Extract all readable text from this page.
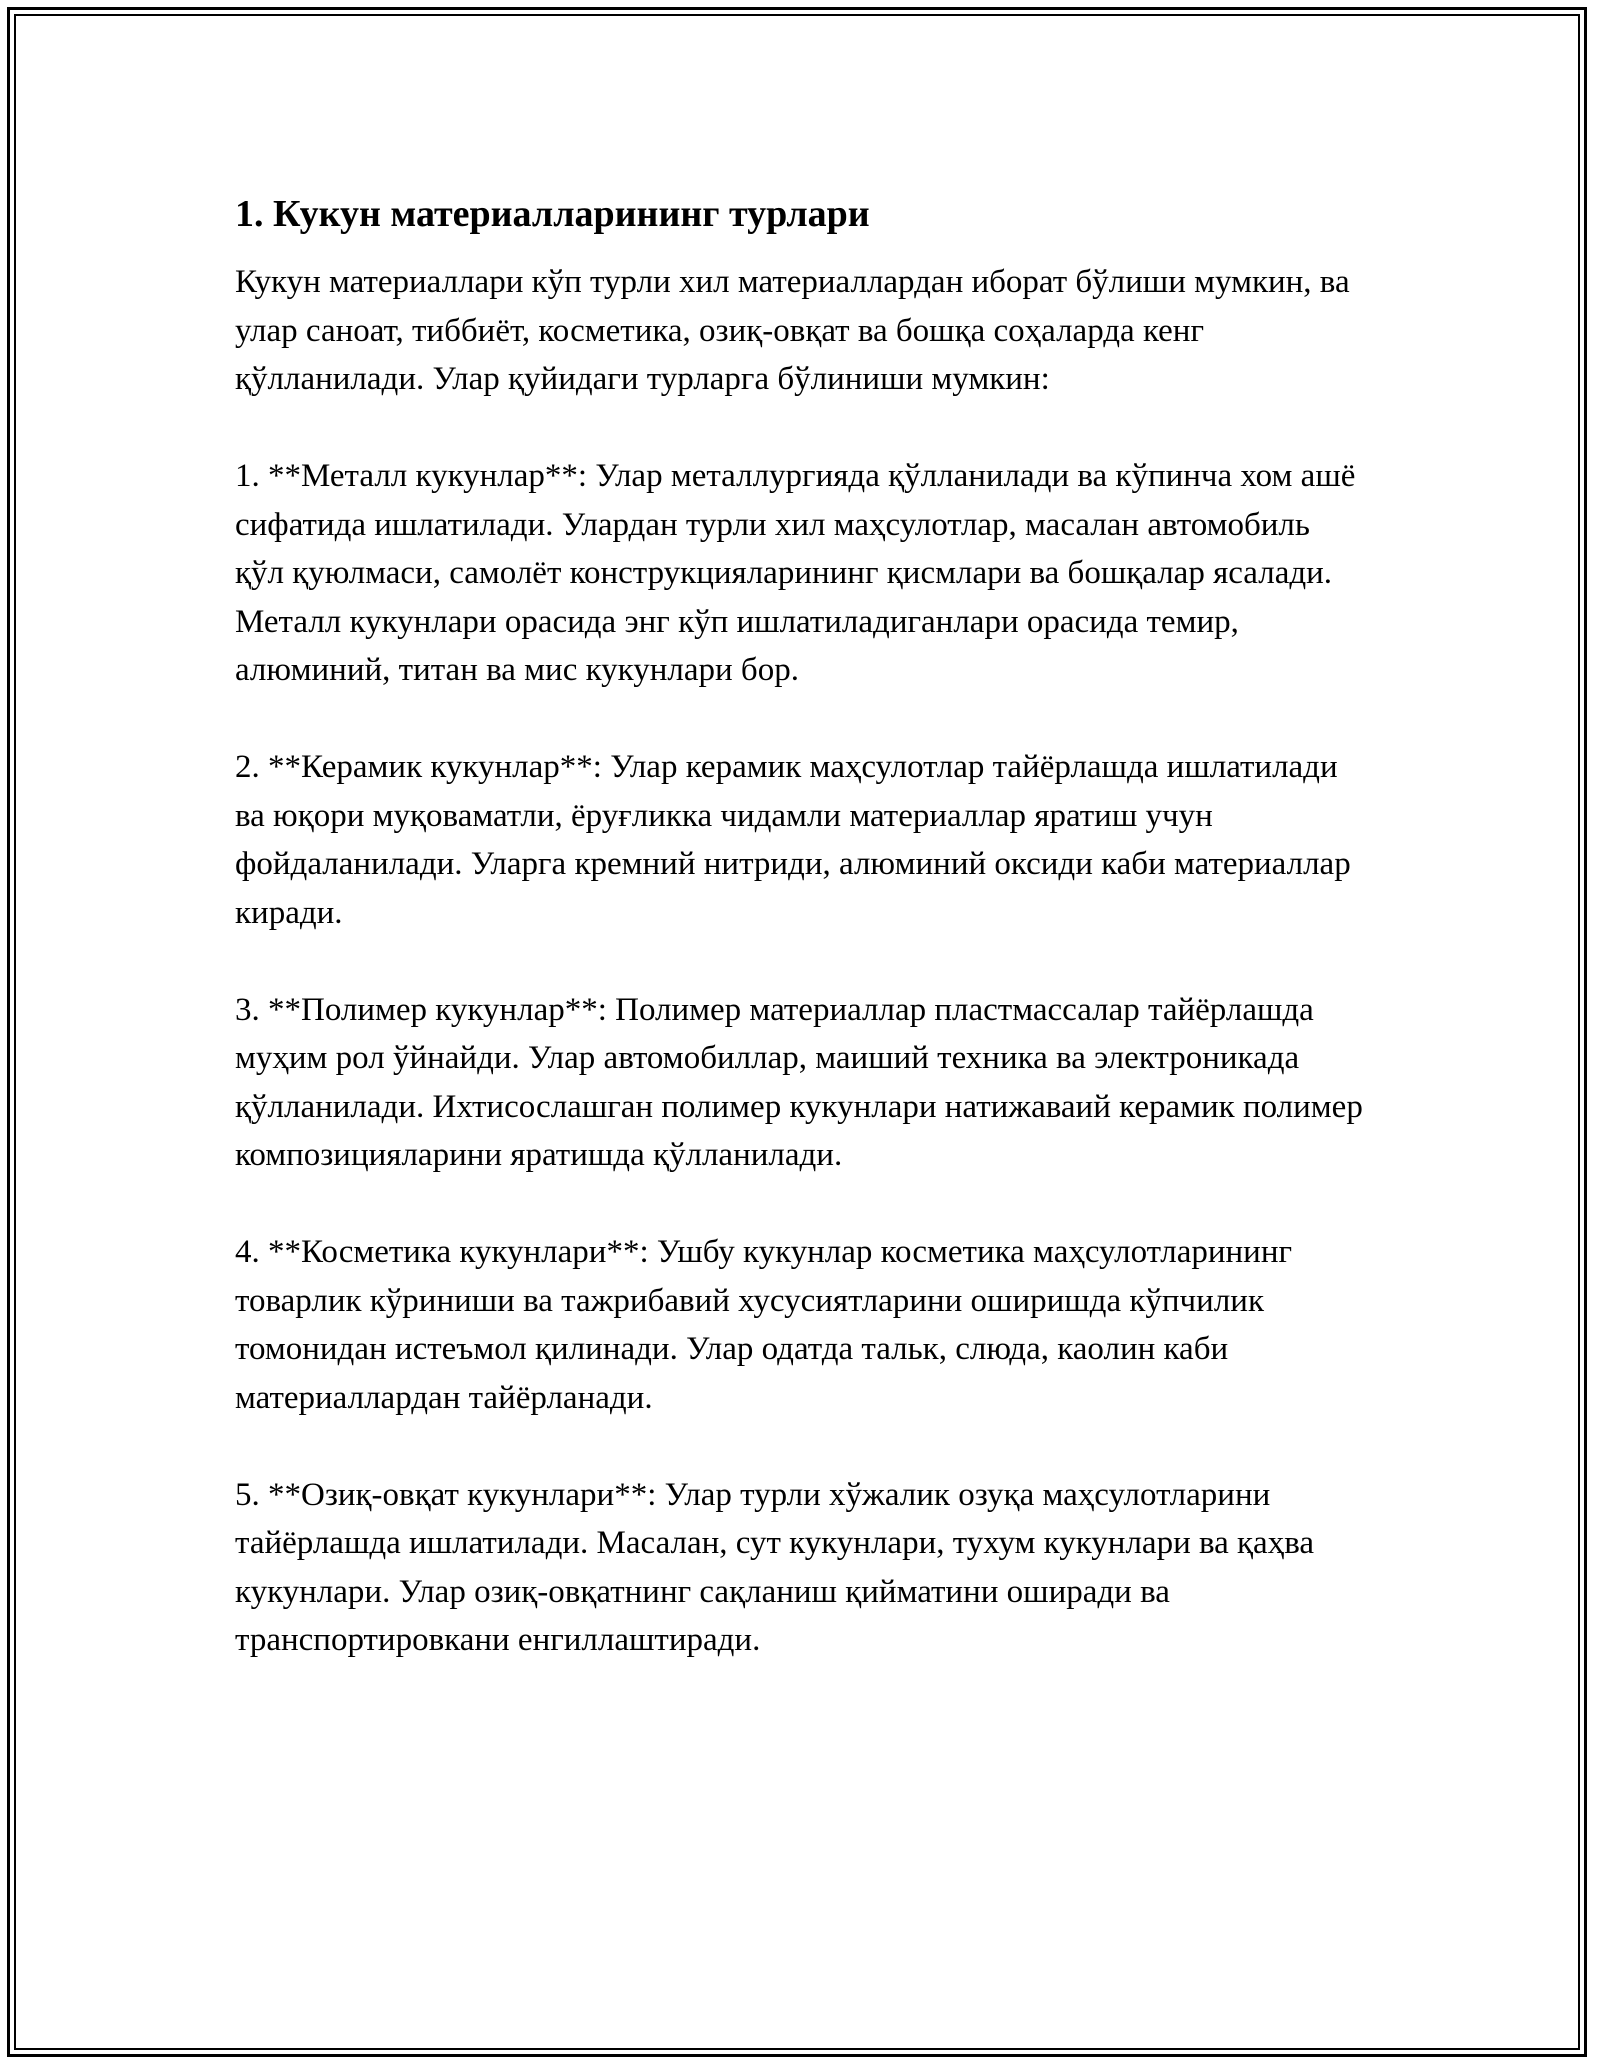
1. Кукун материалларининг турлари

Кукун материаллари кўп турли хил материаллардан иборат бўлиши мумкин, ва улар саноат, тиббиёт, косметика, озиқ-овқат ва бошқа соҳаларда кенг қўлланилади. Улар қуйидаги турларга бўлиниши мумкин:

1. **Металл кукунлар**: Улар металлургияда қўлланилади ва кўпинча хом ашё сифатида ишлатилади. Улардан турли хил маҳсулотлар, масалан автомобиль қўл қуюлмаси, самолёт конструкцияларининг қисмлари ва бошқалар ясалади. Металл кукунлари орасида энг кўп ишлатиладиганлари орасида темир, алюминий, титан ва мис кукунлари бор.

2. **Керамик кукунлар**: Улар керамик маҳсулотлар тайёрлашда ишлатилади ва юқори муқоваматли, ёруғликка чидамли материаллар яратиш учун фойдаланилади. Уларга кремний нитриди, алюминий оксиди каби материаллар киради.

3. **Полимер кукунлар**: Полимер материаллар пластмассалар тайёрлашда муҳим рол ўйнайди. Улар автомобиллар, маиший техника ва электроникада қўлланилади. Ихтисослашган полимер кукунлари натижаваий керамик полимер композицияларини яратишда қўлланилади.

4. **Косметика кукунлари**: Ушбу кукунлар косметика маҳсулотларининг товарлик кўриниши ва тажрибавий хусусиятларини оширишда кўпчилик томонидан истеъмол қилинади. Улар одатда тальк, слюда, каолин каби материаллардан тайёрланади.

5. **Озиқ-овқат кукунлари**: Улар турли хўжалик озуқа маҳсулотларини тайёрлашда ишлатилади. Масалан, сут кукунлари, тухум кукунлари ва қаҳва кукунлари. Улар озиқ-овқатнинг сақланиш қийматини оширади ва транспортировкани енгиллаштиради.
